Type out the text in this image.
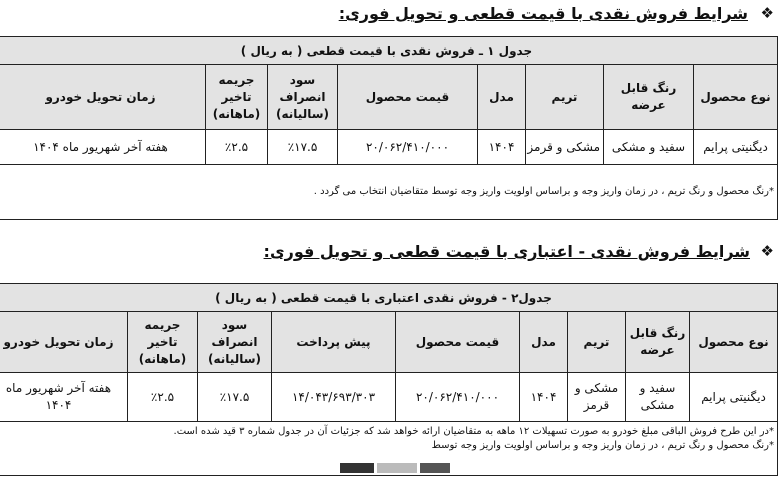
❖
شرایط فروش نقدی با قیمت قطعی و تحویل فوری:
جدول ۱ ـ فروش نقدی با قیمت قطعی ( به ریال )							
نوع محصول	رنگ قابل عرضه	تریم	مدل	قیمت محصول	سود انصراف (سالیانه)	جریمه تاخیر (ماهانه)	زمان تحویل خودرو
دیگنیتی پرایم	سفید و مشکی	مشکی و قرمز	۱۴۰۴	۲۰/۰۶۲/۴۱۰/۰۰۰	٪۱۷.۵	٪۲.۵	هفته آخر شهریور ماه ۱۴۰۴
*رنگ محصول و رنگ تریم ، در زمان واریز وجه و براساس اولویت واریز وجه توسط متقاضیان انتخاب می گردد .							
❖
شرایط فروش نقدی - اعتباری با قیمت قطعی و تحویل فوری:
جدول۲ - فروش نقدی اعتباری با قیمت قطعی ( به ریال )								
نوع محصول	رنگ قابل عرضه	تریم	مدل	قیمت محصول	پیش پرداخت	سود انصراف (سالیانه)	جریمه تاخیر (ماهانه)	زمان تحویل خودرو
دیگنیتی پرایم	سفید و مشکی	مشکی و قرمز	۱۴۰۴	۲۰/۰۶۲/۴۱۰/۰۰۰	۱۴/۰۴۳/۶۹۳/۳۰۳	٪۱۷.۵	٪۲.۵	هفته آخر شهریور ماه ۱۴۰۴

*در این طرح فروش الباقی مبلغ خودرو به صورت تسهیلات ۱۲ ماهه به متقاضیان ارائه خواهد شد که جزئیات آن در جدول شماره ۳ قید شده است.
*رنگ محصول و رنگ تریم ، در زمان واریز وجه و براساس اولویت واریز وجه توسط								
